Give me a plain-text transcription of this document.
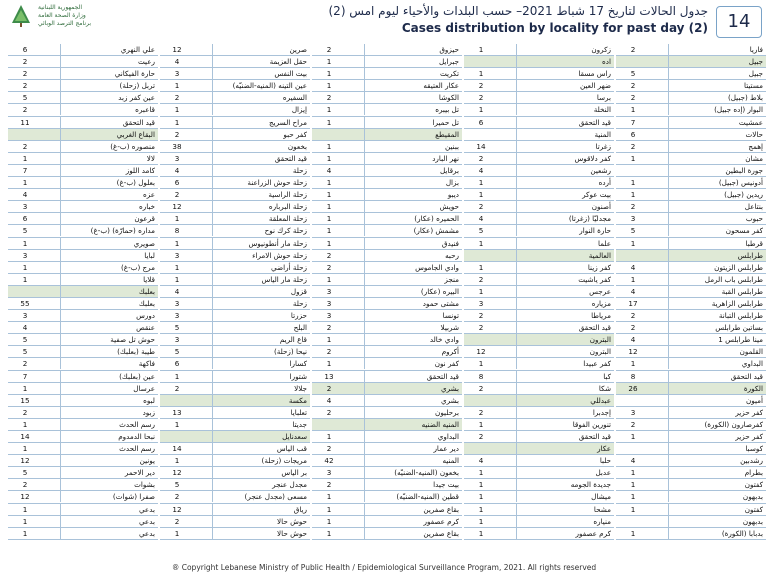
الجمهورية اللبنانية
وزارة الصحة العامة
برنامج الترصد الوبائي
جدول الحالات لتاريخ 17 شباط 2021– حسب البلدات والأحياء ليوم امس (2)
Cases distribution by locality for past day (2)	14
2	فاريا
جبيل
5	جبيل
2	مستيتا
2	بلاط (جبيل)
1	البوار (إده جبيل)
7	عمشيت
6	حالات
2	إهمج
1	مشان
جورة البطين
1	أدونيس (جبيل)
1	ريدين (جبيل)
2	بنتاعل
3	حبوب
5	كفر مسحون
1	قرطبا
طرابلس
4	طرابلس الزيتون
1	طرابلس باب الرمل
4	طرابلس القبة
17	طرابلس الزاهرية
2	طرابلس التبانة
2	بساتين طرابلس
4	مينا طرابلس 1
12	القلمون
1	البداوي
8	قيد التحقق
26	الكورة
أميون
3	كفر حزير
2	كفرصارون (الكورة)
1	كفر حزير
كوسبا
4	رشدبين
1	بطرام
1	كفتون
1	بدبهون
1	كفتون
بدبهون
1	بدبابا (الكورة)
1	زكرون
اده
1	راس مسقا
2	ضهر العين
2	برسا
1	النخلة
6	قيد التحقق
المنية
14	زغرتا
2	كفر دلاقوس
4	رشعين
1	أرده
1	بيت عوكر
2	أصنون
4	مجدليّا (زغرتا)
5	حارة النوار
1	علما
العالمية
1	كفر زينا
2	كفر ياشيت
1	عرجس
3	مزياره
2	مرياطا
2	قيد التحقق
البترون
12	البترون
1	كفر عبيدا
8	كبا
2	شكا
عبدللي
2	إجدبرا
1	تنورين الفوقا
2	قيد التحقق
عكار
4	حلبا
1	عدبل
1	جديدة الجومه
1	ميشال
1	مشحا
1	منياره
1	كرم عصفور
2	حيزوق
1	جبرايل
1	تكريت
1	عكار العتيقه
2	الكوشا
1	تل بيبره
1	تل حميرا
المقيطع
1	ببنين
1	نهر البارد
4	برقايل
1	بزال
1	ديبو
1	حويش
1	الحميره (عكار)
1	مشمش (عكار)
1	فنيدق
2	رحبه
2	وادي الجاموس
1	منجز
3	البيره (عكار)
3	مشتى حمود
3	تونسا
2	شربيلا
1	وادي خالد
2	أكروم
1	كفر نون
13	قيد التحقق
2	بشري
4	بشري
2	برحليون
المنيه الضنيه
1	البداوي
2	دير عمار
42	المنيه
3	بخعون (المنيه-الضنيّه)
2	بيت جيدا
1	قطين (المنيه-الضنيّه)
1	بقاع صفرين
1	كرم عصفور
1	بقاع صفرين
12	صرين
4	حقل العزيمة
3	بيت النفس
1	عين التينه (المنيه-الضنيّه)
2	السفيره
1	إيزال
1	مراح السريج
2	كفر حبو
38	بخعون
3	قيد التحقق
4	زحلة
6	زحلة حوش الزراعنة
2	زحلة الراسية
12	زحلة البرباره
1	زحلة المعلقة
8	زحلة كرك نوح
1	زحلة مار أنطونيوس
3	زحلة حوش الامراء
1	زحلة أراضي
1	زحلة مار الياس
4	قزول
3	زحلة
3	حزرتا
5	البلح
3	قاع الريم
5	نيحا (زحلة)
6	كسارا
1	شتورا
2	جلالا
مكسة
13	تعلبايا
1	جديتا
سعدنايل
14	قب الياس
1	مريجات (زحلة)
12	بر الياس
5	مجدل عنجر
2	مسعى (مجدل عنجر)
12	رياق
2	حوش حالا
1	حوش حالا
6	علي النهري
2	رعيت
2	حارة الفيكاني
2	تربل (زحلة)
5	عين كفر زبد
2	قاعبره
11	قيد التحقق
البقاع الغربي
2	منصوره (ب-غ)
1	لالا
7	كامد اللوز
1	بعلول (ب-غ)
4	عزه
3	خباره
6	قرعون
5	مداره (حمارّة) (ب-غ)
1	صويري
3	لبايا
1	مرج (ب-غ)
1	قلايا
بعلبك
55	بعلبك
3	دورس
4	عنقص
5	حوش تل صفية
5	طيبة (بعلبك)
2	فاكهة
7	عين (بعلبك)
1	عرسال
15	لبوه
2	زبود
1	رسم الحدث
14	نبحا الدمدوم
1	رسم الحدث
12	يونين
5	دير الاحمر
2	بشوات
12	صفرا (شوات)
1	بدعي
1	بدعي
1	بدعي
® Copyright Lebanese Ministry of Public Health / Epidemiological Surveillance Program, 2021. All rights reserved
